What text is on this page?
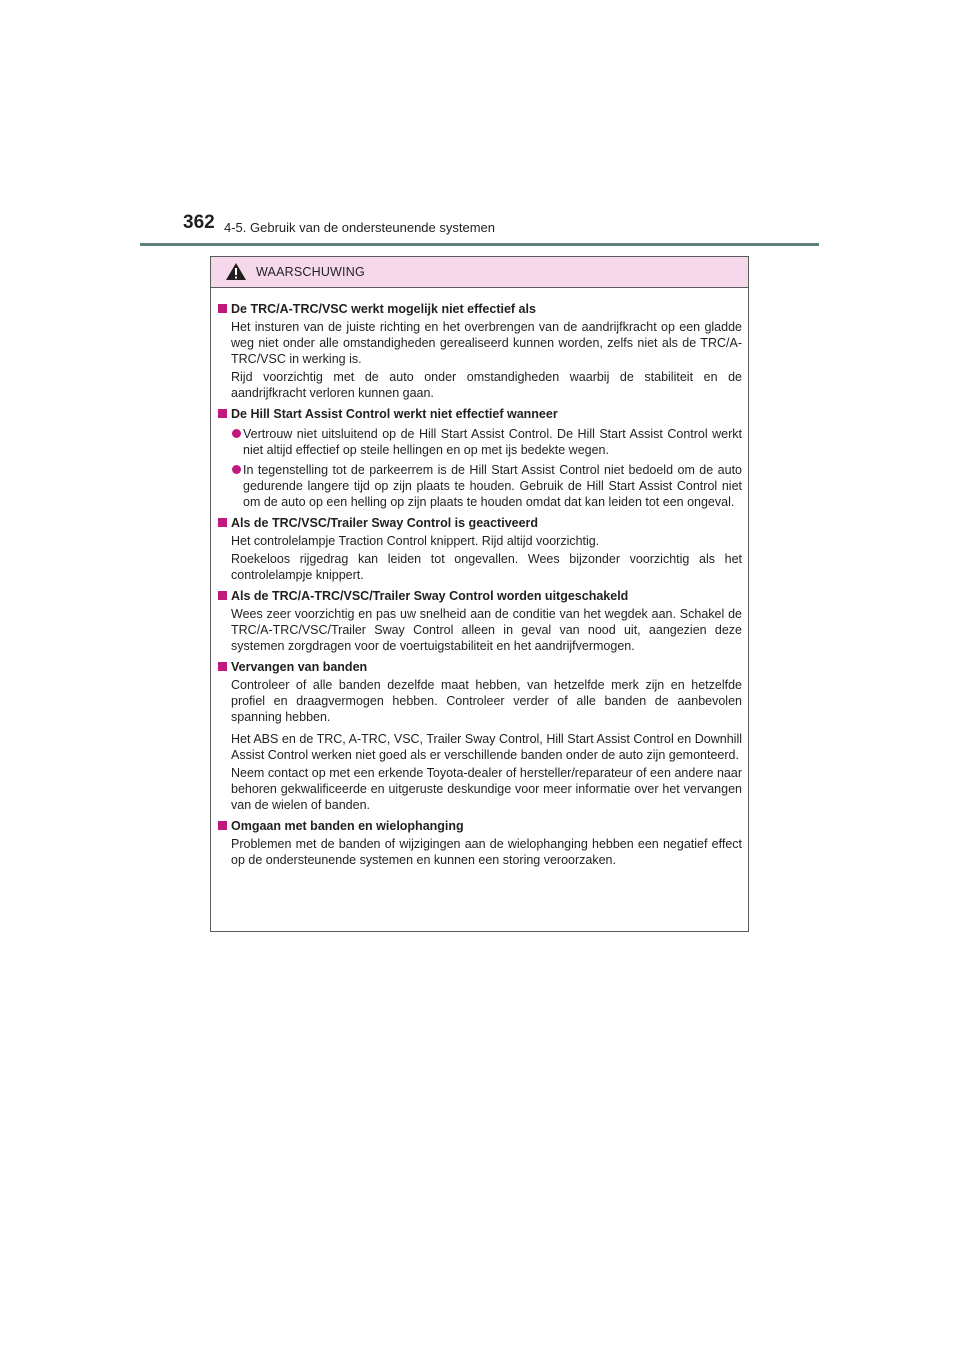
362 4-5. Gebruik van de ondersteunende systemen
WAARSCHUWING
De TRC/A-TRC/VSC werkt mogelijk niet effectief als
Het insturen van de juiste richting en het overbrengen van de aandrijfkracht op een gladde weg niet onder alle omstandigheden gerealiseerd kunnen worden, zelfs niet als de TRC/A-TRC/VSC in werking is.
Rijd voorzichtig met de auto onder omstandigheden waarbij de stabiliteit en de aandrijfkracht verloren kunnen gaan.
De Hill Start Assist Control werkt niet effectief wanneer
Vertrouw niet uitsluitend op de Hill Start Assist Control. De Hill Start Assist Control werkt niet altijd effectief op steile hellingen en op met ijs bedekte wegen.
In tegenstelling tot de parkeerrem is de Hill Start Assist Control niet bedoeld om de auto gedurende langere tijd op zijn plaats te houden. Gebruik de Hill Start Assist Control niet om de auto op een helling op zijn plaats te houden omdat dat kan leiden tot een ongeval.
Als de TRC/VSC/Trailer Sway Control is geactiveerd
Het controlelampje Traction Control knippert. Rijd altijd voorzichtig.
Roekeloos rijgedrag kan leiden tot ongevallen. Wees bijzonder voorzichtig als het controlelampje knippert.
Als de TRC/A-TRC/VSC/Trailer Sway Control worden uitgeschakeld
Wees zeer voorzichtig en pas uw snelheid aan de conditie van het wegdek aan. Schakel de TRC/A-TRC/VSC/Trailer Sway Control alleen in geval van nood uit, aangezien deze systemen zorgdragen voor de voertuigstabiliteit en het aandrijfvermogen.
Vervangen van banden
Controleer of alle banden dezelfde maat hebben, van hetzelfde merk zijn en hetzelfde profiel en draagvermogen hebben. Controleer verder of alle banden de aanbevolen spanning hebben.
Het ABS en de TRC, A-TRC, VSC, Trailer Sway Control, Hill Start Assist Control en Downhill Assist Control werken niet goed als er verschillende banden onder de auto zijn gemonteerd.
Neem contact op met een erkende Toyota-dealer of hersteller/reparateur of een andere naar behoren gekwalificeerde en uitgeruste deskundige voor meer informatie over het vervangen van de wielen of banden.
Omgaan met banden en wielophanging
Problemen met de banden of wijzigingen aan de wielophanging hebben een negatief effect op de ondersteunende systemen en kunnen een storing veroorzaken.
